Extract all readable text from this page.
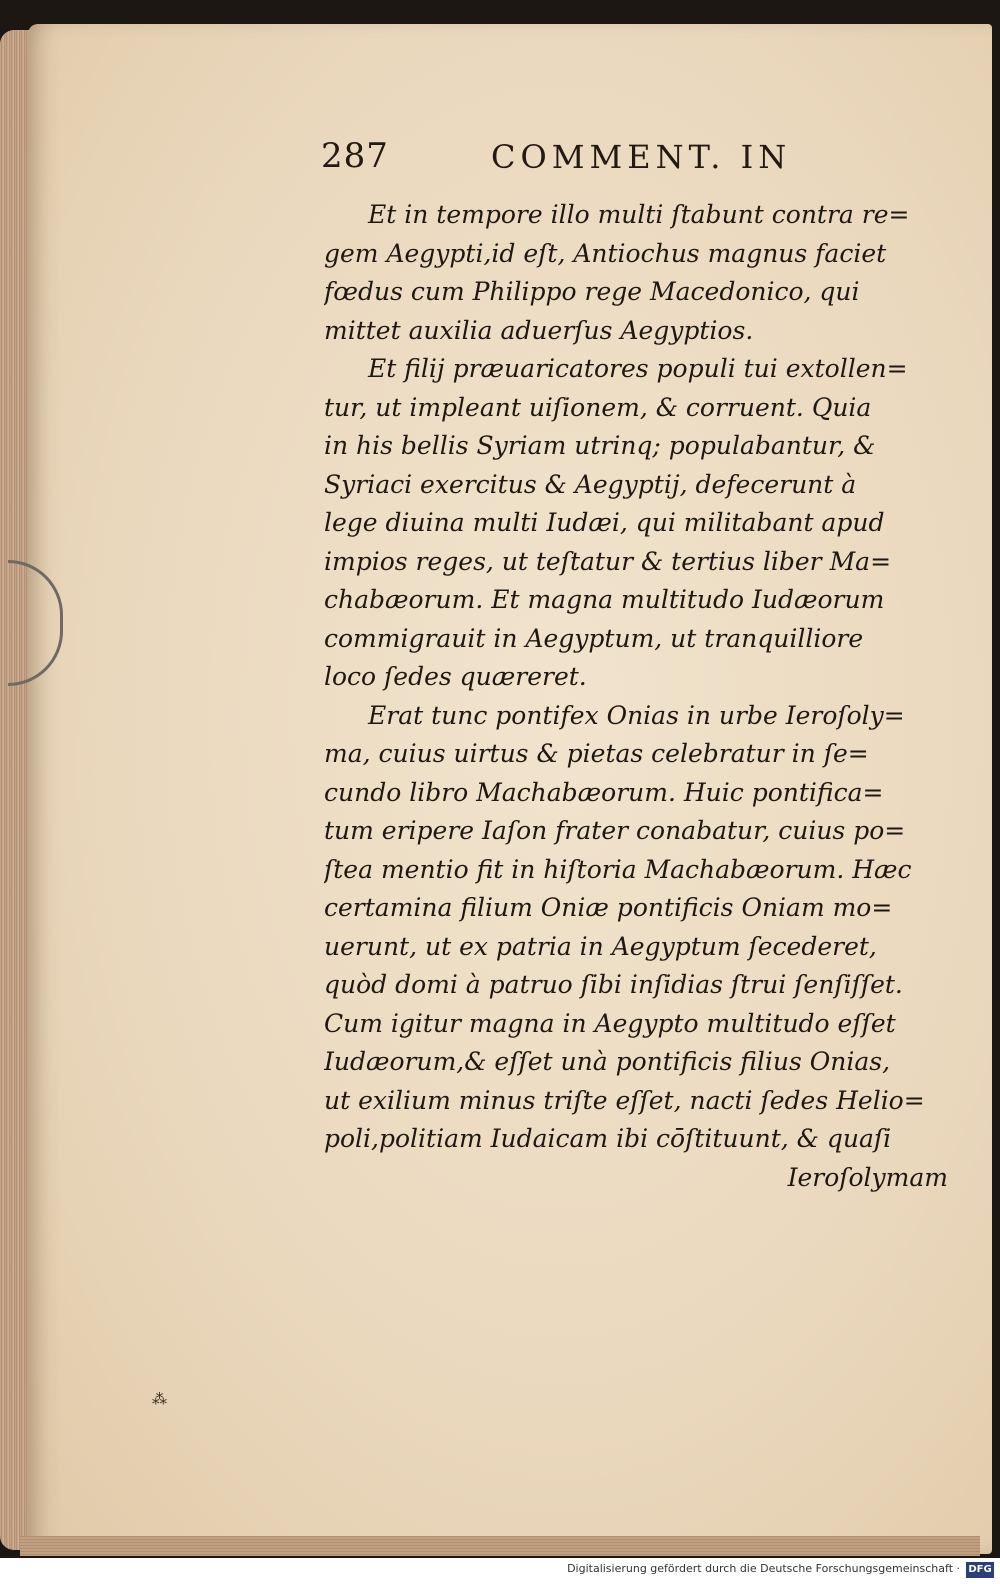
287	COMMENT. IN
Et in tempore illo multi ſtabunt contra re=
gem Aegypti,id eſt, Antiochus magnus faciet
fœdus cum Philippo rege Macedonico, qui
mittet auxilia aduerſus Aegyptios.
Et filij præuaricatores populi tui extollen=
tur, ut impleant uiſionem, & corruent. Quia
in his bellis Syriam utrinq; populabantur, &
Syriaci exercitus & Aegyptij, defecerunt à
lege diuina multi Iudæi, qui militabant apud
impios reges, ut teſtatur & tertius liber Ma=
chabæorum. Et magna multitudo Iudæorum
commigrauit in Aegyptum, ut tranquilliore
loco ſedes quæreret.
Erat tunc pontifex Onias in urbe Ieroſoly=
ma, cuius uirtus & pietas celebratur in ſe=
cundo libro Machabæorum. Huic pontifica=
tum eripere Iaſon frater conabatur, cuius po=
ſtea mentio fit in hiſtoria Machabæorum. Hæc
certamina filium Oniæ pontificis Oniam mo=
uerunt, ut ex patria in Aegyptum ſecederet,
quòd domi à patruo ſibi inſidias ſtrui ſenſiſſet.
Cum igitur magna in Aegypto multitudo eſſet
Iudæorum,& eſſet unà pontificis filius Onias,
ut exilium minus triſte eſſet, nacti ſedes Helio=
poli,politiam Iudaicam ibi cōſtituunt, & quaſi
Ieroſolymam
⁂
Digitalisierung gefördert durch die Deutsche Forschungsgemeinschaft · DFG
